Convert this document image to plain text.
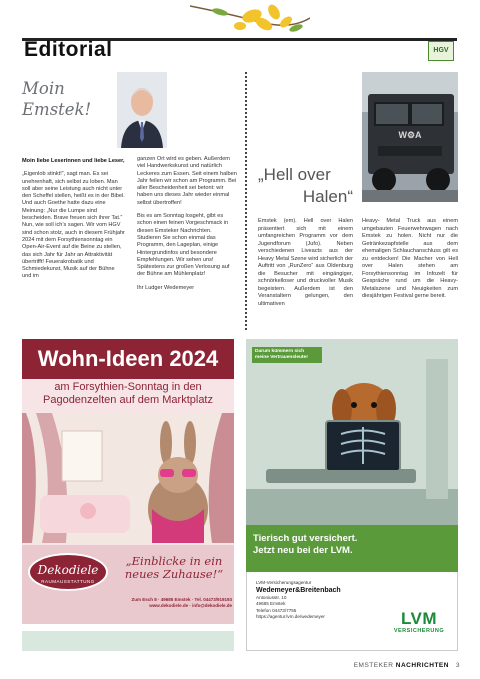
Editorial	HGV
Moin
Emstek!

Moin liebe Leserinnen und liebe Leser,

„Eigenlob stinkt!“, sagt man. Es sei unehrenhaft, sich selbst zu loben. Man soll aber seine Leistung auch nicht unter den Scheffel stellen, heißt es in der Bibel. Und auch Goethe hatte dazu eine Meinung: „Nur die Lumpe sind bescheiden. Brave freuen sich ihrer Tat.“ Nun, wie soll ich’s sagen. Wir vom HGV sind schon stolz, auch in diesem Frühjahr 2024 mit dem Forsythiensonntag ein Open-Air-Event auf die Beine zu stellen, das sich Jahr für Jahr an Attraktivität übertrifft! Feuerakrobatik und Schmiedekunst, Musik auf der Bühne und im

ganzen Ort wird es geben. Außerdem viel Handwerkskunst und natürlich Leckeres zum Essen. Seit einem halben Jahr feilen wir schon am Programm. Bei aller Bescheidenheit sei betont: wir haben uns dieses Jahr wieder einmal selbst übertroffen!

Bis es am Sonntag losgeht, gibt es schon einen feinen Vorgeschmack in diesen Emsteker Nachrichten. Studieren Sie schon einmal das Programm, den Lageplan, einige Hintergrundinfos und besondere Empfehlungen. Wir sehen uns! Spätestens zur großen Verlosung auf der Bühne am Mühlenplatz!

Ihr Ludger Wedemeyer

W⚙A
„Hell over
Halen“
Emstek (em). Hell over Halen präsentiert sich mit einem umfangreichen Programm vor dem Jugendforum (Jufo). Neben verschiedenen Liveacts aus der Heavy Metal Szene wird sicherlich der Auftritt von „RunZero“ aus Oldenburg die Besucher mit eingängiger, schnörkelloser und druckvoller Musik begeistern. Außerdem ist den Veranstaltern gelungen, den ultimativen
Heavy- Metal Truck aus einem umgebauten Feuerwehrwagen nach Emstek zu holen. Nicht nur die Getränkezapfstelle aus dem ehemaligen Schlauchanschluss gilt es zu entdecken! Die Macher von Hell over Halen stehen am Forsythiensonntag im Infozelt für Gespräche rund um die Heavy-Metalszene und Neuigkeiten zum diesjährigen Festival gerne bereit.
Wohn-Ideen 2024
am Forsythien-Sonntag in den Pagodenzelten auf dem Marktplatz
Dekodiele
RAUMAUSSTATTUNG
„Einblicke in ein neues Zuhause!“
Zum Esch 8 · 49685 Emstek · Tel. 04473/919193
www.dekodiele.de · info@dekodiele.de
Darum kümmern sich meine Vertrauensleute!
Tierisch gut versichert.
Jetzt neu bei der LVM.
LVM-Versicherungsagentur
Wedemeyer&Breitenbach
Antoniusstr. 10
49685 Emstek
Telefon 04473/7755
https://agentur.lvm.de/wedemeyer	LVM
VERSICHERUNG
EMSTEKER NACHRICHTEN 3
